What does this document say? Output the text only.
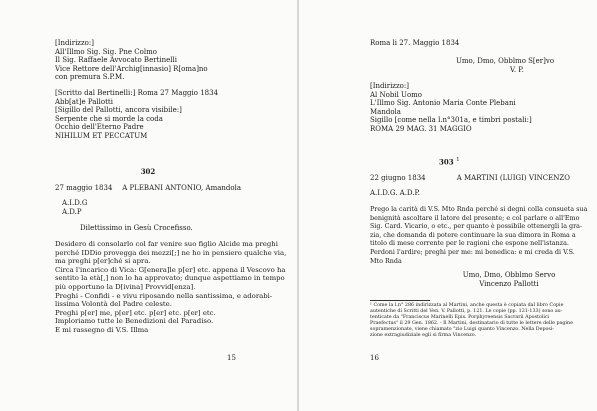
[Indirizzo:]
All'Illmo Sig. Sig. Pne Colmo
Il Sig. Raffaele Avvocato Bertinelli
Vice Rettore dell'Archig[innasio] R[oma]no
con premura S.P.M.
[Scritto dal Bertinelli:] Roma 27 Maggio 1834
Abb[at]e Pallotti
[Sigillo del Pallotti, ancora visibile:]
Serpente che si morde la coda
Occhio dell'Eterno Padre
NIHILUM ET PECCATUM
302
27 maggio 1834	A PLEBANI ANTONIO, Amandola
A.I.D.G
A.D.P
Dilettissimo in Gesù Crocefisso.
Desidero di consolarlo col far venire suo figlio Alcide ma preghi
perché IDDio provegga dei mezzi[;] ne ho in pensiero qualche via,
ma preghi p[er]ché si apra.
Circa l'incarico di Vica: G[enera]le p[er] etc. appena il Vescovo ha
sentito la età[,] non lo ha approvato; dunque aspettiamo in tempo
più opportuno la D[ivina] Provvid[enza].
Preghi - Confidi - e vivu riposando nella santissima, e adorabi-
lissima Volontà del Padre celeste.
Preghi p[er] me, p[er] etc. p[er] etc. p[er] etc.
Imploriamo tutte le Benedizioni del Paradiso.
E mi rassegno di V.S. Illma
15
Roma li 27. Maggio 1834
Umo, Dmo, Obblmo S[er]vo
V. P.
[Indirizzo:]
Al Nobil Uomo
L'Illmo Sig. Antonio Maria Conte Plebani
Mandola
Sigillo [come nella l.n°301a, e timbri postali:]
ROMA 29 MAG. 31 MAGGIO
303 $^1$
22 giugno 1834	A MARTINI (LUIGI) VINCENZO
A.I.D.G. A.D.P.
Prego la carità di V.S. Mto Rnda perché si degni colla consueta sua
benignità ascoltare il latore del presente; e col parlare o all'Emo
Sig. Card. Vicario, o etc., per quanto è possibile ottenergli la gra-
zia, che domanda di potere continuare la sua dimora in Roma a
titolo di mese corrente per le ragioni che espone nell'istanza.
Perdoni l'ardire; preghi per me: mi benedica: e mi creda di V.S.
Mto Rnda
Umo, Dmo, Obblmo Servo
Vincenzo Pallotti
¹ Come la l.n° 286 indirizzata al Martini, anche questa è copiata dal libro Copie
autentiche di Scritti del Ven. V. Pallotti, p. 121. Le copie (pp. 121-133) sono au-
tenticate da "Franciscus Marinelli Epis. Porphyreensis Sacrarii Apostolici
Praefectus" il 29 Gen. 1862. - Il Martini, destinatario di tutte le lettere delle pagine
sopramenzionate, viene chiamato "zio Luigi quanto Vincenzo. Nella Deposi-
zione extragiudiziale egli si firma Vincenzo.
16
